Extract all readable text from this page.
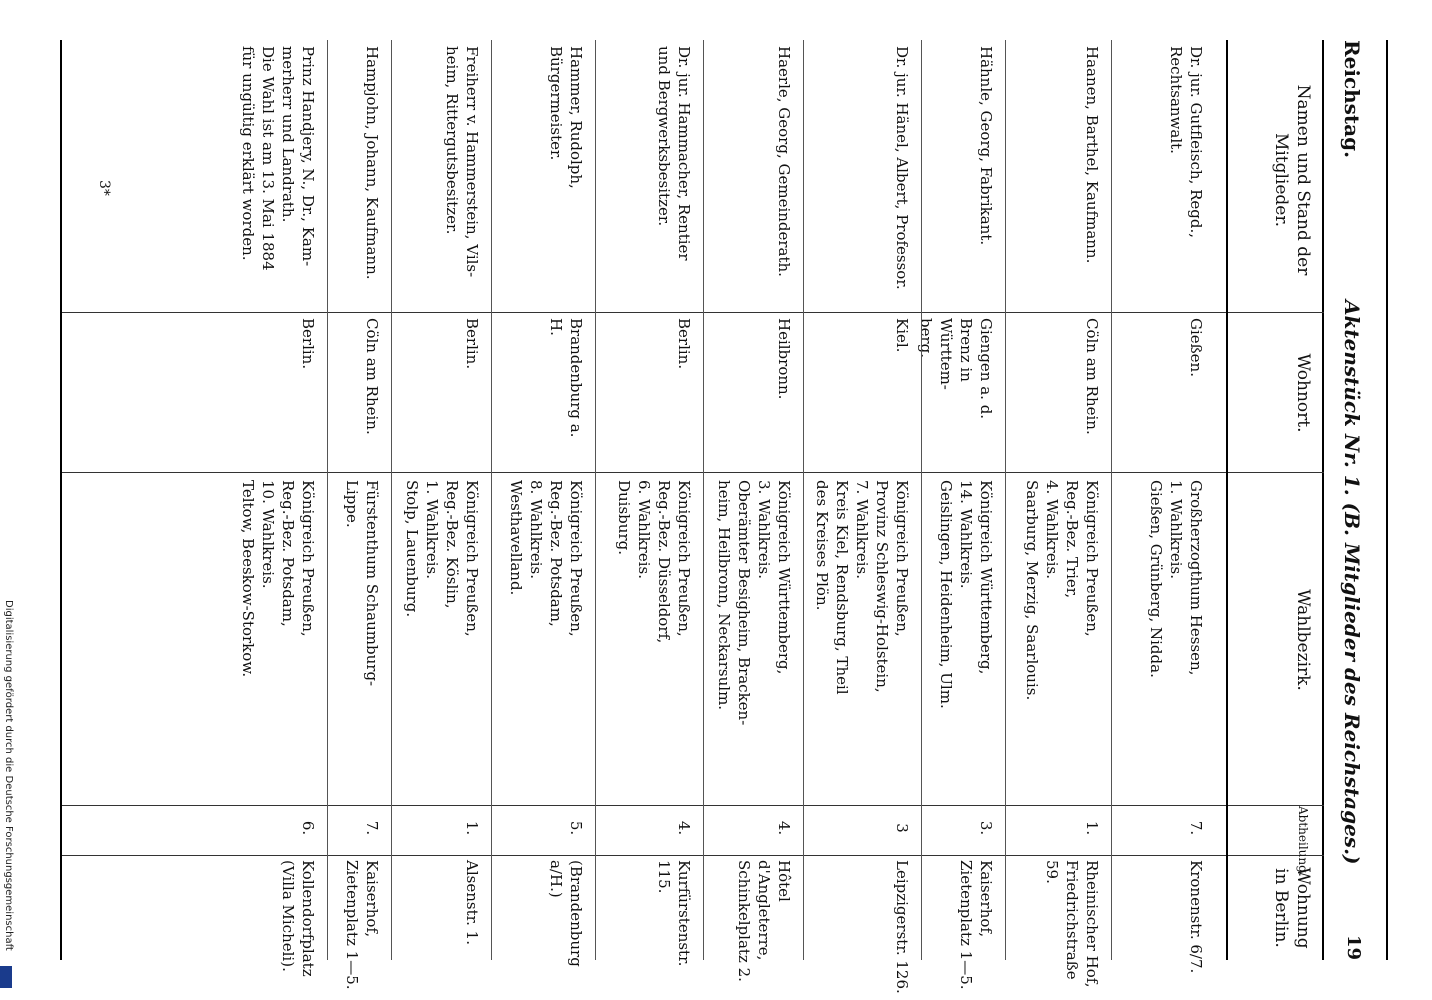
Reichstag.
Aktenstück Nr. 1. (B. Mitglieder des Reichstages.)
19
Namen und Stand der Mitglieder.
Wohnort.
Wahlbezirk.
Abtheilung.
Wohnung in Berlin.
Dr. jur. Gutfleisch, Regd.,
Rechtsanwalt.
Gießen.
Großherzogthum Hessen,
1. Wahlkreis.
Gießen, Grünberg, Nidda.
7.
Kronenstr. 6/7.
Haanen, Barthel, Kaufmann.
Cöln am Rhein.
Königreich Preußen,
Reg.-Bez. Trier,
4. Wahlkreis.
Saarburg, Merzig, Saarlouis.
1.
Rheinischer Hof,
Friedrichstraße 59.
Hähnle, Georg, Fabrikant.
Giengen a. d.
Brenz in Württem-
berg.
Königreich Württemberg,
14. Wahlkreis.
Geislingen, Heidenheim, Ulm.
3.
Kaiserhof,
Zietenplatz 1—5.
Dr. jur. Hänel, Albert, Professor.
Kiel.
Königreich Preußen,
Provinz Schleswig-Holstein,
7. Wahlkreis.
Kreis Kiel, Rendsburg, Theil
des Kreises Plön.
3
Leipzigerstr. 126.
Haerle, Georg, Gemeinderath.
Heilbronn.
Königreich Württemberg,
3. Wahlkreis.
Oberämter Besigheim, Bracken-
heim, Heilbronn, Neckarsulm.
4.
Hôtel d'Angleterre,
Schinkelplatz 2.
Dr. jur. Hammacher, Rentier
und Bergwerksbesitzer.
Berlin.
Königreich Preußen,
Reg.-Bez. Düsseldorf,
6. Wahlkreis.
Duisburg.
4.
Kurfürstenstr. 115.
Hammer, Rudolph, Bürgermeister.
Brandenburg a. H.
Königreich Preußen,
Reg.-Bez. Potsdam,
8. Wahlkreis.
Westhavelland.
5.
(Brandenburg a/H.)
Freiherr v. Hammerstein, Vils-
heim, Rittergutsbesitzer.
Berlin.
Königreich Preußen,
Reg.-Bez. Köslin,
1. Wahlkreis.
Stolp, Lauenburg.
1.
Alsenstr. 1.
Hampjohn, Johann, Kaufmann.
Cöln am Rhein.
Fürstenthum Schaumburg-
Lippe.
7.
Kaiserhof,
Zietenplatz 1—5.
Prinz Handjery, N., Dr., Kam-
merherr und Landrath.
Die Wahl ist am 13. Mai 1884
für ungültig erklärt worden.
Berlin.
Königreich Preußen,
Reg.-Bez. Potsdam,
10. Wahlkreis.
Teltow, Beeskow-Storkow.
6.
Kollendorfplatz
(Villa Micheli).
3*
Digitalisierung gefördert durch die Deutsche Forschungsgemeinschaft
